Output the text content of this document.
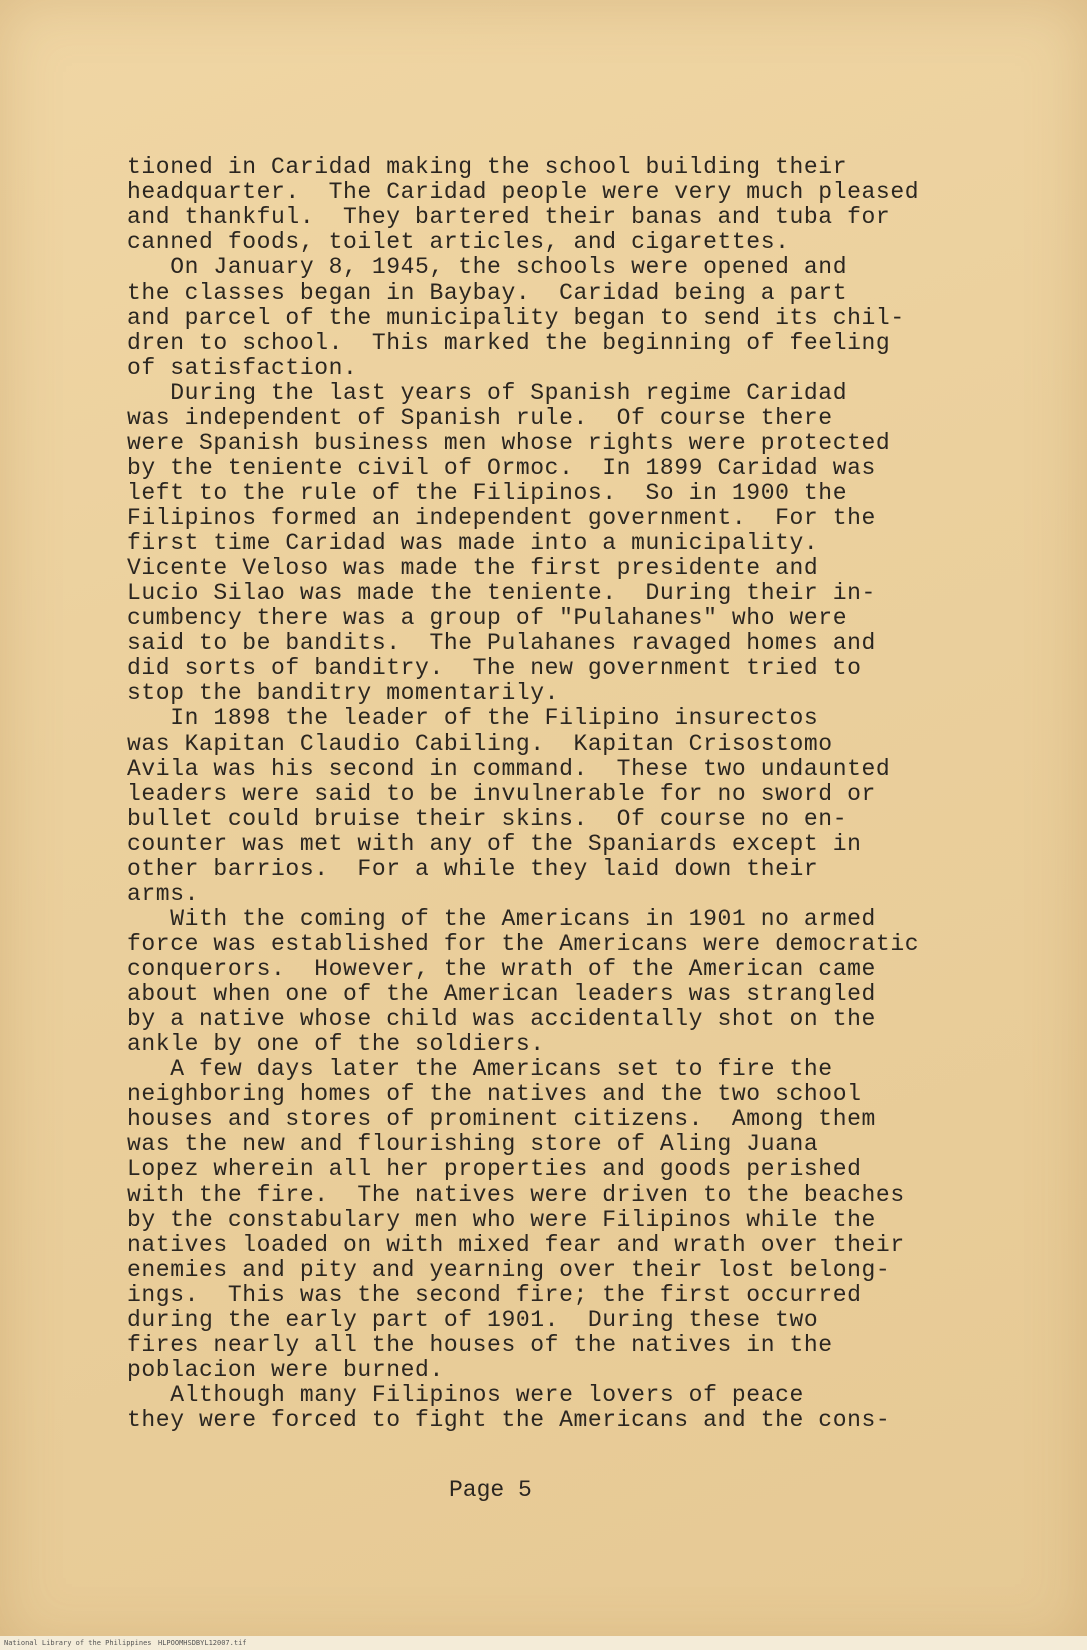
tioned in Caridad making the school building their
headquarter.  The Caridad people were very much pleased
and thankful.  They bartered their banas and tuba for
canned foods, toilet articles, and cigarettes.
On January 8, 1945, the schools were opened and
the classes began in Baybay.  Caridad being a part
and parcel of the municipality began to send its chil-
dren to school.  This marked the beginning of feeling
of satisfaction.
During the last years of Spanish regime Caridad
was independent of Spanish rule.  Of course there
were Spanish business men whose rights were protected
by the teniente civil of Ormoc.  In 1899 Caridad was
left to the rule of the Filipinos.  So in 1900 the
Filipinos formed an independent government.  For the
first time Caridad was made into a municipality.
Vicente Veloso was made the first presidente and
Lucio Silao was made the teniente.  During their in-
cumbency there was a group of "Pulahanes" who were
said to be bandits.  The Pulahanes ravaged homes and
did sorts of banditry.  The new government tried to
stop the banditry momentarily.
In 1898 the leader of the Filipino insurectos
was Kapitan Claudio Cabiling.  Kapitan Crisostomo
Avila was his second in command.  These two undaunted
leaders were said to be invulnerable for no sword or
bullet could bruise their skins.  Of course no en-
counter was met with any of the Spaniards except in
other barrios.  For a while they laid down their
arms.
With the coming of the Americans in 1901 no armed
force was established for the Americans were democratic
conquerors.  However, the wrath of the American came
about when one of the American leaders was strangled
by a native whose child was accidentally shot on the
ankle by one of the soldiers.
A few days later the Americans set to fire the
neighboring homes of the natives and the two school
houses and stores of prominent citizens.  Among them
was the new and flourishing store of Aling Juana
Lopez wherein all her properties and goods perished
with the fire.  The natives were driven to the beaches
by the constabulary men who were Filipinos while the
natives loaded on with mixed fear and wrath over their
enemies and pity and yearning over their lost belong-
ings.  This was the second fire; the first occurred
during the early part of 1901.  During these two
fires nearly all the houses of the natives in the
poblacion were burned.
Although many Filipinos were lovers of peace
they were forced to fight the Americans and the cons-
Page 5
National Library of the Philippines HLPOOMHSDBYL12007.tif
